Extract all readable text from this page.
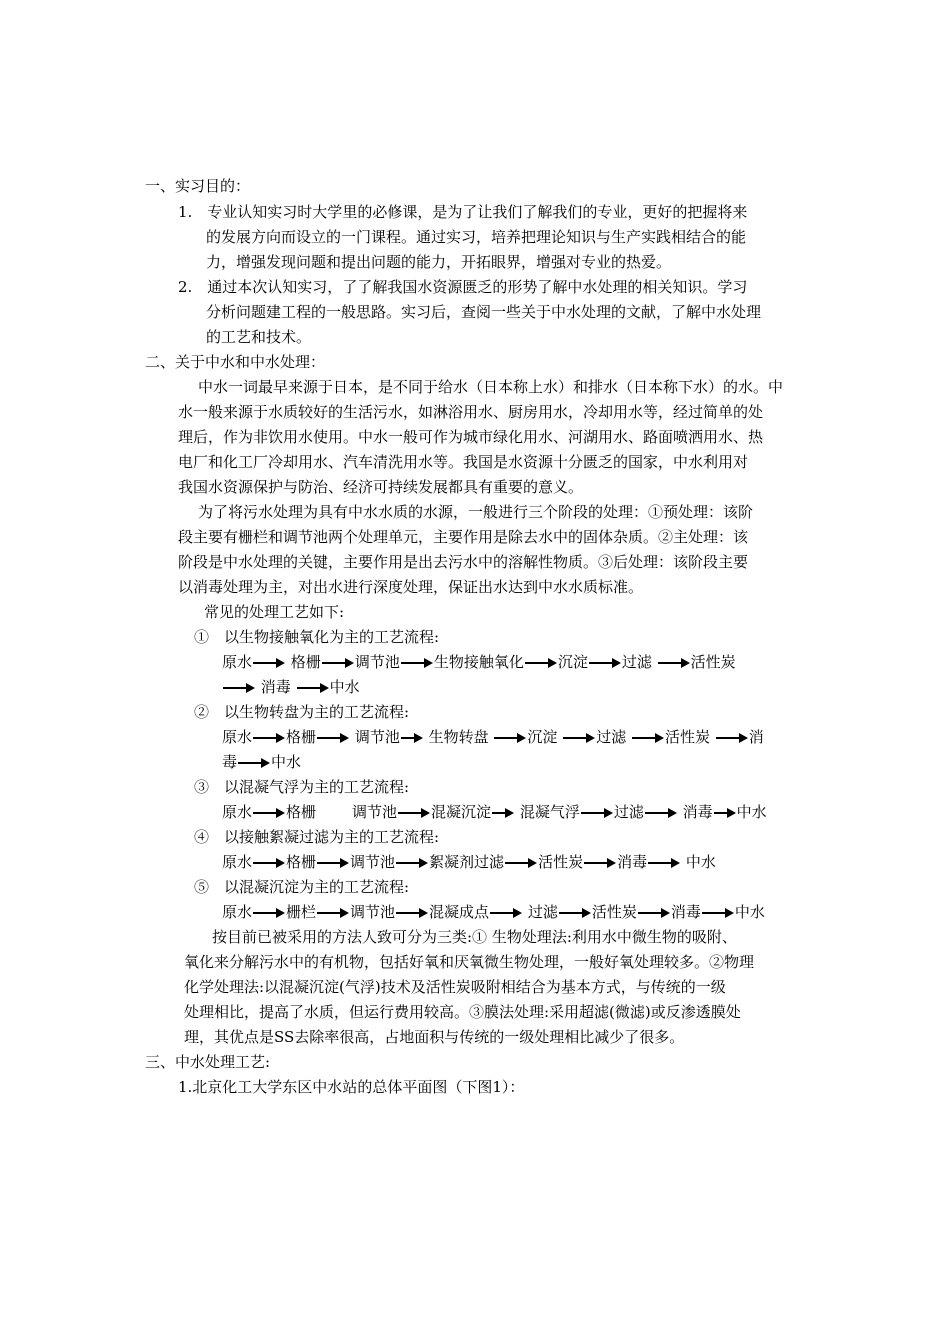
一、实习目的：
1.　专业认知实习时大学里的必修课，是为了让我们了解我们的专业，更好的把握将来
的发展方向而设立的一门课程。通过实习，培养把理论知识与生产实践相结合的能
力，增强发现问题和提出问题的能力，开拓眼界，增强对专业的热爱。
2.　通过本次认知实习，了了解我国水资源匮乏的形势了解中水处理的相关知识。学习
分析问题建工程的一般思路。实习后，查阅一些关于中水处理的文献，了解中水处理
的工艺和技术。
二、关于中水和中水处理：
中水一词最早来源于日本，是不同于给水（日本称上水）和排水（日本称下水）的水。中
水一般来源于水质较好的生活污水，如淋浴用水、厨房用水，冷却用水等，经过简单的处
理后，作为非饮用水使用。中水一般可作为城市绿化用水、河湖用水、路面喷洒用水、热
电厂和化工厂冷却用水、汽车清洗用水等。我国是水资源十分匮乏的国家，中水利用对
我国水资源保护与防治、经济可持续发展都具有重要的意义。
为了将污水处理为具有中水水质的水源，一般进行三个阶段的处理：①预处理：该阶
段主要有栅栏和调节池两个处理单元，主要作用是除去水中的固体杂质。②主处理：该
阶段是中水处理的关键，主要作用是出去污水中的溶解性物质。③后处理：该阶段主要
以消毒处理为主，对出水进行深度处理，保证出水达到中水水质标准。
常见的处理工艺如下:
①　以生物接触氧化为主的工艺流程:
原水	格栅 调节池 生物接触氧化 沉淀 过滤	活性炭
消毒	中水
②　以生物转盘为主的工艺流程:
原水 格栅	调节池 生物转盘	沉淀	过滤	活性炭	消
毒 中水
③　以混凝气浮为主的工艺流程:
原水 格栅 调节池 混凝沉淀 混凝气浮 过滤	消毒 中水
④　以接触絮凝过滤为主的工艺流程:
原水 格栅 调节池 絮凝剂过滤 活性炭 消毒	中水
⑤　以混凝沉淀为主的工艺流程:
原水 栅栏 调节池 混凝成点	过滤 活性炭 消毒 中水
按目前已被采用的方法人致可分为三类:① 生物处理法:利用水中微生物的吸附、
氧化来分解污水中的有机物，包括好氧和厌氧微生物处理，一般好氧处理较多。②物理
化学处理法:以混凝沉淀(气浮)技术及活性炭吸附相结合为基本方式，与传统的一级
处理相比，提高了水质，但运行费用较高。③膜法处理:采用超滤(微滤)或反渗透膜处
理，其优点是SS去除率很高，占地面积与传统的一级处理相比减少了很多。
三、中水处理工艺:
1.北京化工大学东区中水站的总体平面图（下图1）：
